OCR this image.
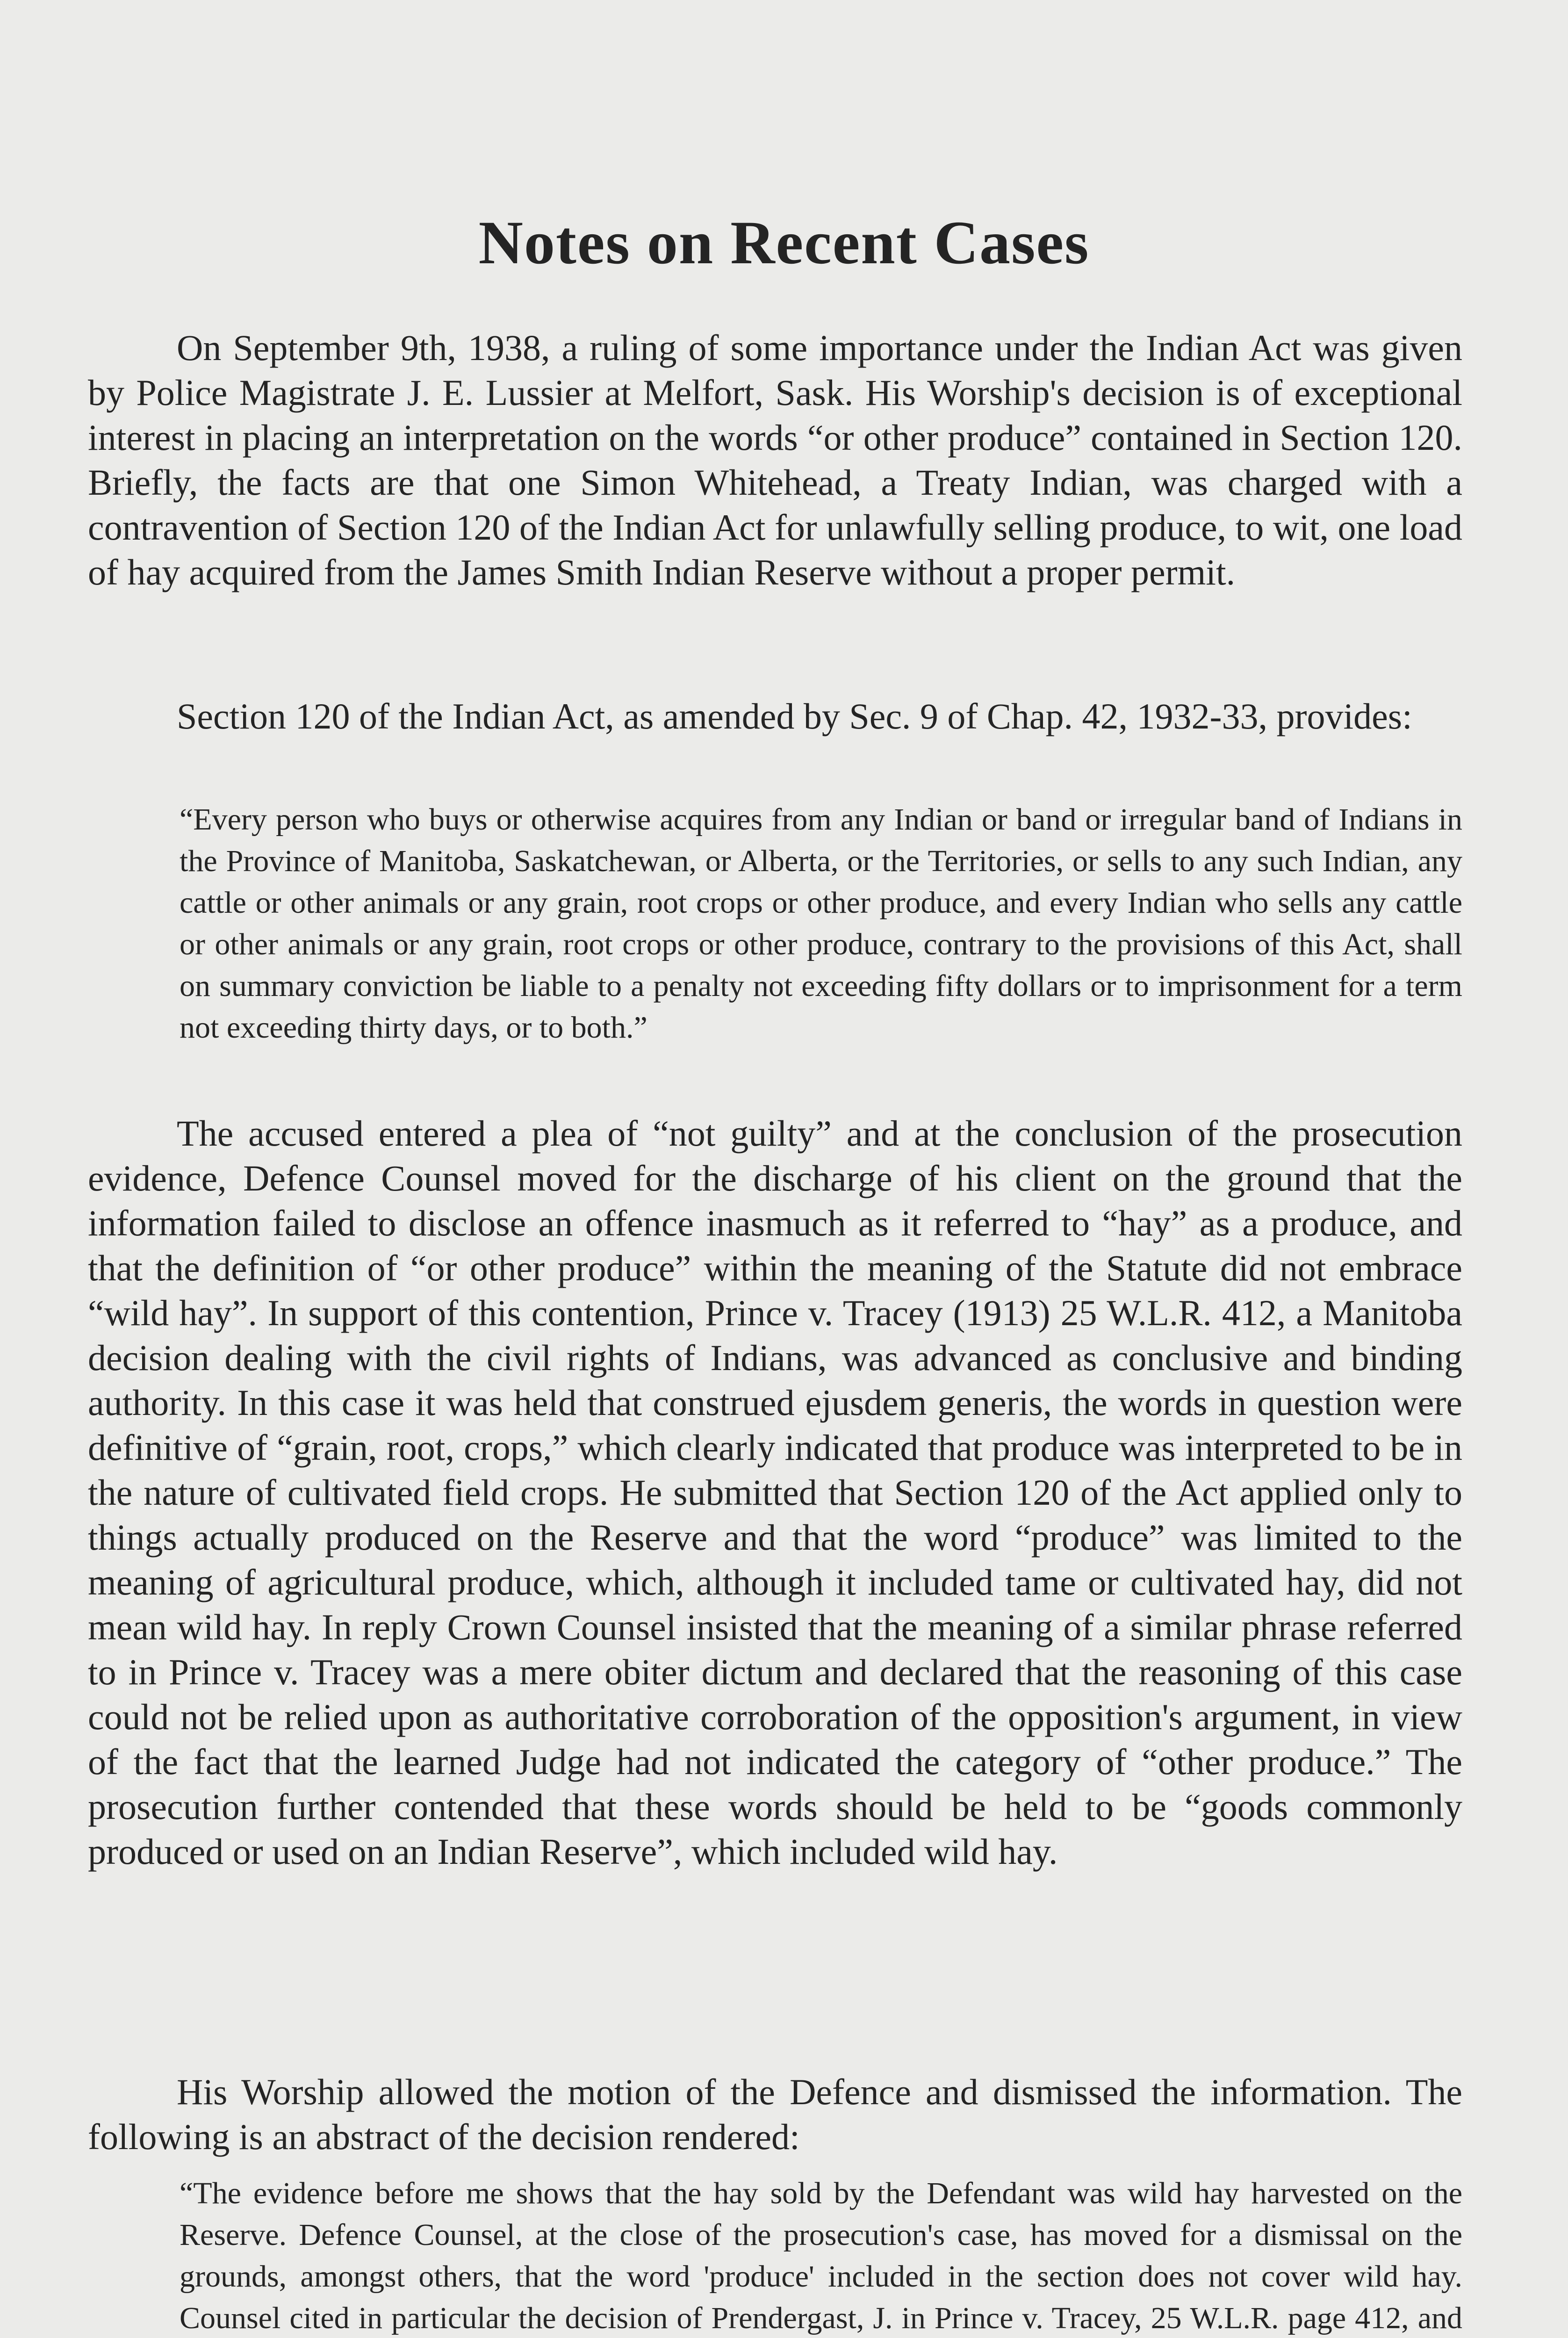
Notes on Recent Cases

On September 9th, 1938, a ruling of some importance under the Indian Act was given by Police Magistrate J. E. Lussier at Melfort, Sask. His Worship's decision is of exceptional interest in placing an interpretation on the words “or other produce” contained in Section 120. Briefly, the facts are that one Simon Whitehead, a Treaty Indian, was charged with a contravention of Section 120 of the Indian Act for unlawfully selling produce, to wit, one load of hay acquired from the James Smith Indian Reserve without a proper permit.

Section 120 of the Indian Act, as amended by Sec. 9 of Chap. 42, 1932-33, provides:

“Every person who buys or otherwise acquires from any Indian or band or irregular band of Indians in the Province of Manitoba, Saskatchewan, or Alberta, or the Territories, or sells to any such Indian, any cattle or other animals or any grain, root crops or other produce, and every Indian who sells any cattle or other animals or any grain, root crops or other produce, contrary to the provisions of this Act, shall on summary conviction be liable to a penalty not exceeding fifty dollars or to imprisonment for a term not exceeding thirty days, or to both.”

The accused entered a plea of “not guilty” and at the conclusion of the prosecution evidence, Defence Counsel moved for the discharge of his client on the ground that the information failed to disclose an offence inasmuch as it referred to “hay” as a produce, and that the definition of “or other produce” within the meaning of the Statute did not embrace “wild hay”. In support of this contention, Prince v. Tracey (1913) 25 W.L.R. 412, a Manitoba decision dealing with the civil rights of Indians, was advanced as conclusive and binding authority. In this case it was held that construed ejusdem generis, the words in question were definitive of “grain, root, crops,” which clearly indicated that produce was interpreted to be in the nature of cultivated field crops. He submitted that Section 120 of the Act applied only to things actually produced on the Reserve and that the word “produce” was limited to the meaning of agricultural produce, which, although it included tame or cultivated hay, did not mean wild hay. In reply Crown Counsel insisted that the meaning of a similar phrase referred to in Prince v. Tracey was a mere obiter dictum and declared that the reasoning of this case could not be relied upon as authoritative corroboration of the opposition's argument, in view of the fact that the learned Judge had not indicated the category of “other produce.” The prosecution further contended that these words should be held to be “goods commonly produced or used on an Indian Reserve”, which included wild hay.

His Worship allowed the motion of the Defence and dismissed the information. The following is an abstract of the decision rendered:

“The evidence before me shows that the hay sold by the Defendant was wild hay harvested on the Reserve. Defence Counsel, at the close of the prosecution's case, has moved for a dismissal on the grounds, amongst others, that the word 'produce' included in the section does not cover wild hay. Counsel cited in particular the decision of Prendergast, J. in Prince v. Tracey, 25 W.L.R. page 412, and
